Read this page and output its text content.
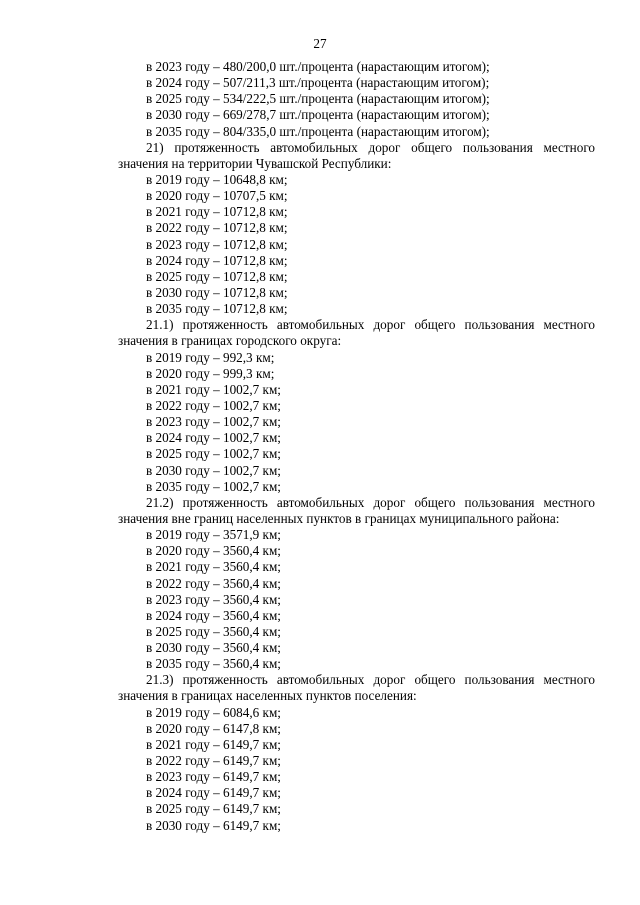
27
в 2023 году – 480/200,0 шт./процента (нарастающим итогом);
в 2024 году – 507/211,3 шт./процента (нарастающим итогом);
в 2025 году – 534/222,5 шт./процента (нарастающим итогом);
в 2030 году – 669/278,7 шт./процента (нарастающим итогом);
в 2035 году – 804/335,0 шт./процента (нарастающим итогом);
21) протяженность автомобильных дорог общего пользования местного
значения на территории Чувашской Республики:
в 2019 году – 10648,8 км;
в 2020 году – 10707,5 км;
в 2021 году – 10712,8 км;
в 2022 году – 10712,8 км;
в 2023 году – 10712,8 км;
в 2024 году – 10712,8 км;
в 2025 году – 10712,8 км;
в 2030 году – 10712,8 км;
в 2035 году – 10712,8 км;
21.1) протяженность автомобильных дорог общего пользования местного
значения в границах городского округа:
в 2019 году – 992,3 км;
в 2020 году – 999,3 км;
в 2021 году – 1002,7 км;
в 2022 году – 1002,7 км;
в 2023 году – 1002,7 км;
в 2024 году – 1002,7 км;
в 2025 году – 1002,7 км;
в 2030 году – 1002,7 км;
в 2035 году – 1002,7 км;
21.2) протяженность автомобильных дорог общего пользования местного
значения вне границ населенных пунктов в границах муниципального района:
в 2019 году – 3571,9 км;
в 2020 году – 3560,4 км;
в 2021 году – 3560,4 км;
в 2022 году – 3560,4 км;
в 2023 году – 3560,4 км;
в 2024 году – 3560,4 км;
в 2025 году – 3560,4 км;
в 2030 году – 3560,4 км;
в 2035 году – 3560,4 км;
21.3) протяженность автомобильных дорог общего пользования местного
значения в границах населенных пунктов поселения:
в 2019 году – 6084,6 км;
в 2020 году – 6147,8 км;
в 2021 году – 6149,7 км;
в 2022 году – 6149,7 км;
в 2023 году – 6149,7 км;
в 2024 году – 6149,7 км;
в 2025 году – 6149,7 км;
в 2030 году – 6149,7 км;
